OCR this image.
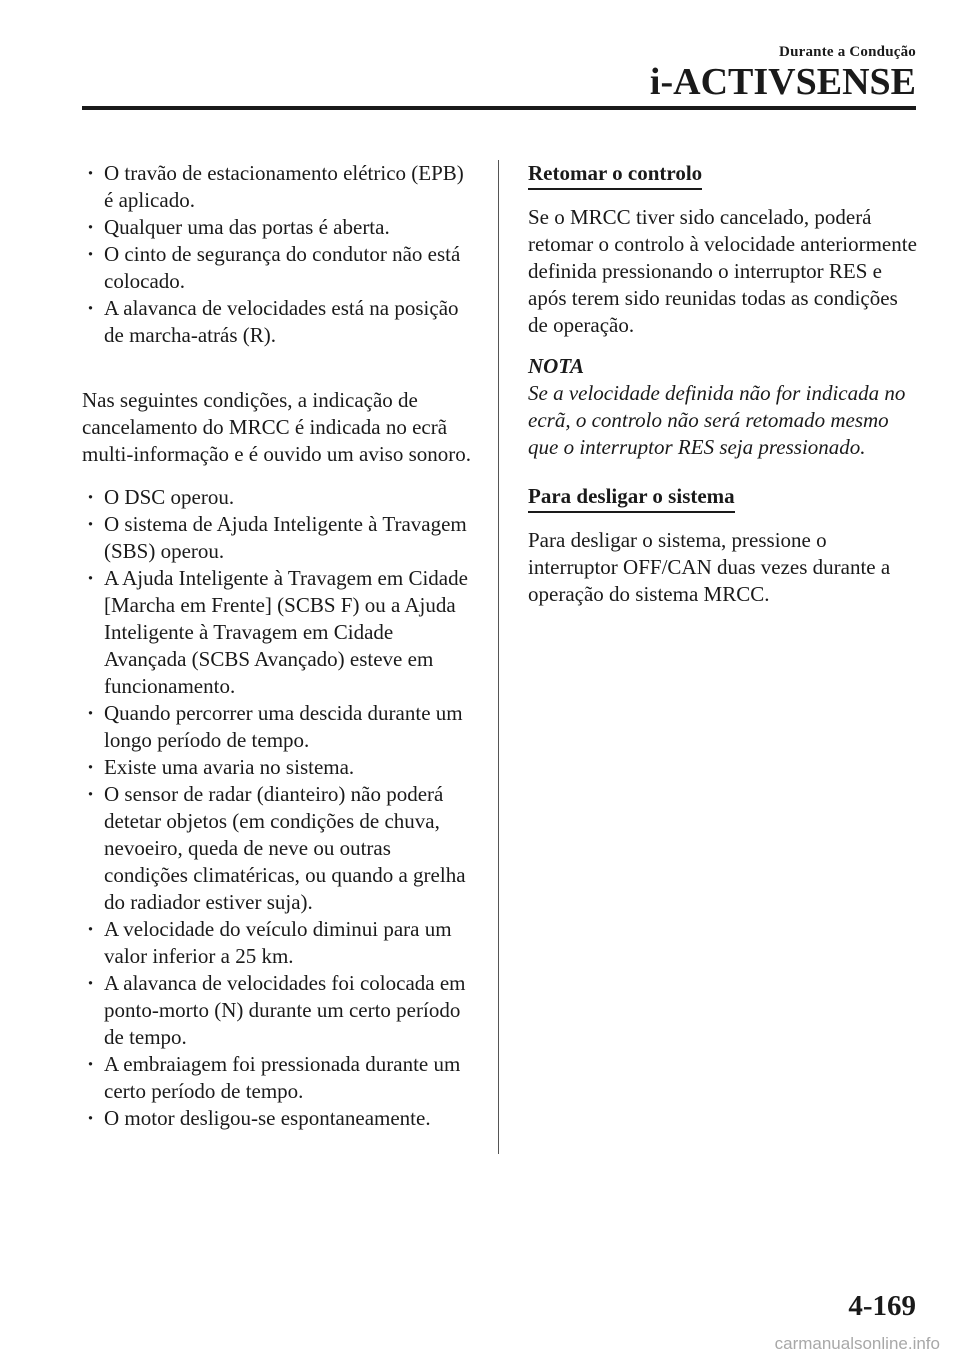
Durante a Condução
i-ACTIVSENSE
· O travão de estacionamento elétrico (EPB) é aplicado.
· Qualquer uma das portas é aberta.
· O cinto de segurança do condutor não está colocado.
· A alavanca de velocidades está na posição de marcha-atrás (R).

Nas seguintes condições, a indicação de cancelamento do MRCC é indicada no ecrã multi-informação e é ouvido um aviso sonoro.

· O DSC operou.
· O sistema de Ajuda Inteligente à Travagem (SBS) operou.
· A Ajuda Inteligente à Travagem em Cidade [Marcha em Frente] (SCBS F) ou a Ajuda Inteligente à Travagem em Cidade Avançada (SCBS Avançado) esteve em funcionamento.
· Quando percorrer uma descida durante um longo período de tempo.
· Existe uma avaria no sistema.
· O sensor de radar (dianteiro) não poderá detetar objetos (em condições de chuva, nevoeiro, queda de neve ou outras condições climatéricas, ou quando a grelha do radiador estiver suja).
· A velocidade do veículo diminui para um valor inferior a 25 km.
· A alavanca de velocidades foi colocada em ponto-morto (N) durante um certo período de tempo.
· A embraiagem foi pressionada durante um certo período de tempo.
· O motor desligou-se espontaneamente.
Retomar o controlo

Se o MRCC tiver sido cancelado, poderá retomar o controlo à velocidade anteriormente definida pressionando o interruptor RES e após terem sido reunidas todas as condições de operação.

NOTA

Se a velocidade definida não for indicada no ecrã, o controlo não será retomado mesmo que o interruptor RES seja pressionado.

Para desligar o sistema

Para desligar o sistema, pressione o interruptor OFF/CAN duas vezes durante a operação do sistema MRCC.

4-169
carmanualsonline.info
